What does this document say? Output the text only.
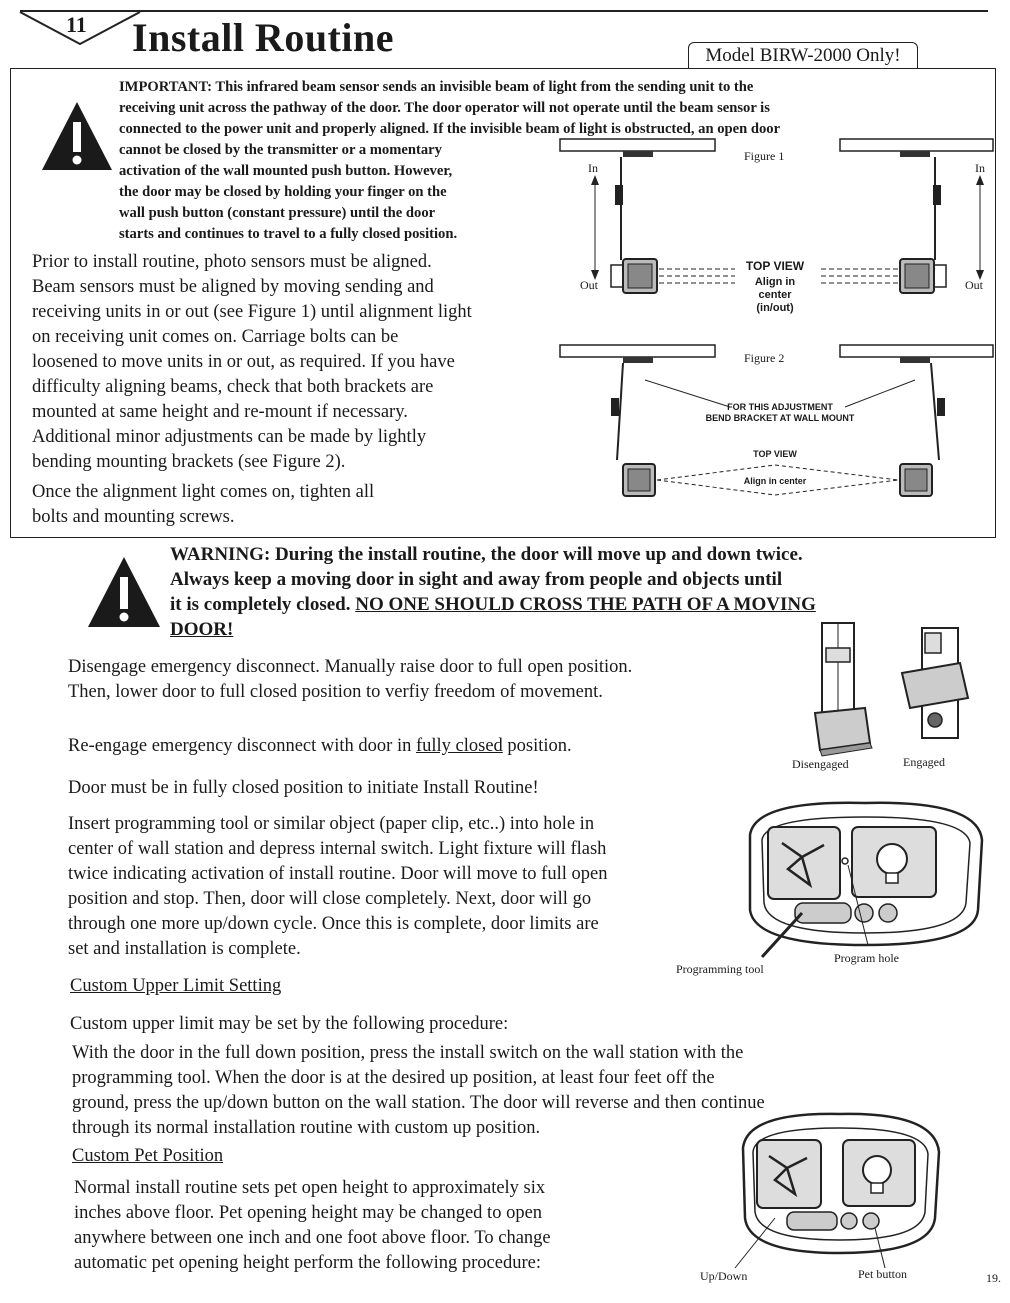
11 Install Routine	Model BIRW-2000 Only!
IMPORTANT: This infrared beam sensor sends an invisible beam of light from the sending unit to the
receiving unit across the pathway of the door. The door operator will not operate until the beam sensor is
connected to the power unit and properly aligned. If the invisible beam of light is obstructed, an open door
cannot be closed by the transmitter or a momentary
activation of the wall mounted push button. However,
the door may be closed by holding your finger on the
wall push button (constant pressure) until the door
starts and continues to travel to a fully closed position.
Prior to install routine, photo sensors must be aligned.
Beam sensors must be aligned by moving sending and
receiving units in or out (see Figure 1) until alignment light
on receiving unit comes on. Carriage bolts can be
loosened to move units in or out, as required. If you have
difficulty aligning beams, check that both brackets are
mounted at same height and re-mount if necessary.
Additional minor adjustments can be made by lightly
bending mounting brackets (see Figure 2).
Once the alignment light comes on, tighten all
bolts and mounting screws.
Figure 1
In	In
Out	Out
TOP VIEW
Align in
center
(in/out)
Figure 2
FOR THIS ADJUSTMENT
BEND BRACKET AT WALL MOUNT
TOP VIEW
Align in center
WARNING: During the install routine, the door will move up and down twice.
Always keep a moving door in sight and away from people and objects until
it is completely closed. NO ONE SHOULD CROSS THE PATH OF A MOVING
DOOR!
Disengage emergency disconnect. Manually raise door to full open position.
Then, lower door to full closed position to verfiy freedom of movement.
Re-engage emergency disconnect with door in fully closed position.
Door must be in fully closed position to initiate Install Routine!
Insert programming tool or similar object (paper clip, etc..) into hole in
center of wall station and depress internal switch. Light fixture will flash
twice indicating activation of install routine. Door will move to full open
position and stop. Then, door will close completely. Next, door will go
through one more up/down cycle. Once this is complete, door limits are
set and installation is complete.
Disengaged	Engaged
Programming tool
Program hole
Custom Upper Limit Setting
Custom upper limit may be set by the following procedure:
With the door in the full down position, press the install switch on the wall station with the
programming tool. When the door is at the desired up position, at least four feet off the
ground, press the up/down button on the wall station. The door will reverse and then continue
through its normal installation routine with custom up position.
Custom Pet Position
Normal install routine sets pet open height to approximately six
inches above floor. Pet opening height may be changed to open
anywhere between one inch and one foot above floor. To change
automatic pet opening height perform the following procedure:
Up/Down	Pet button	19.
